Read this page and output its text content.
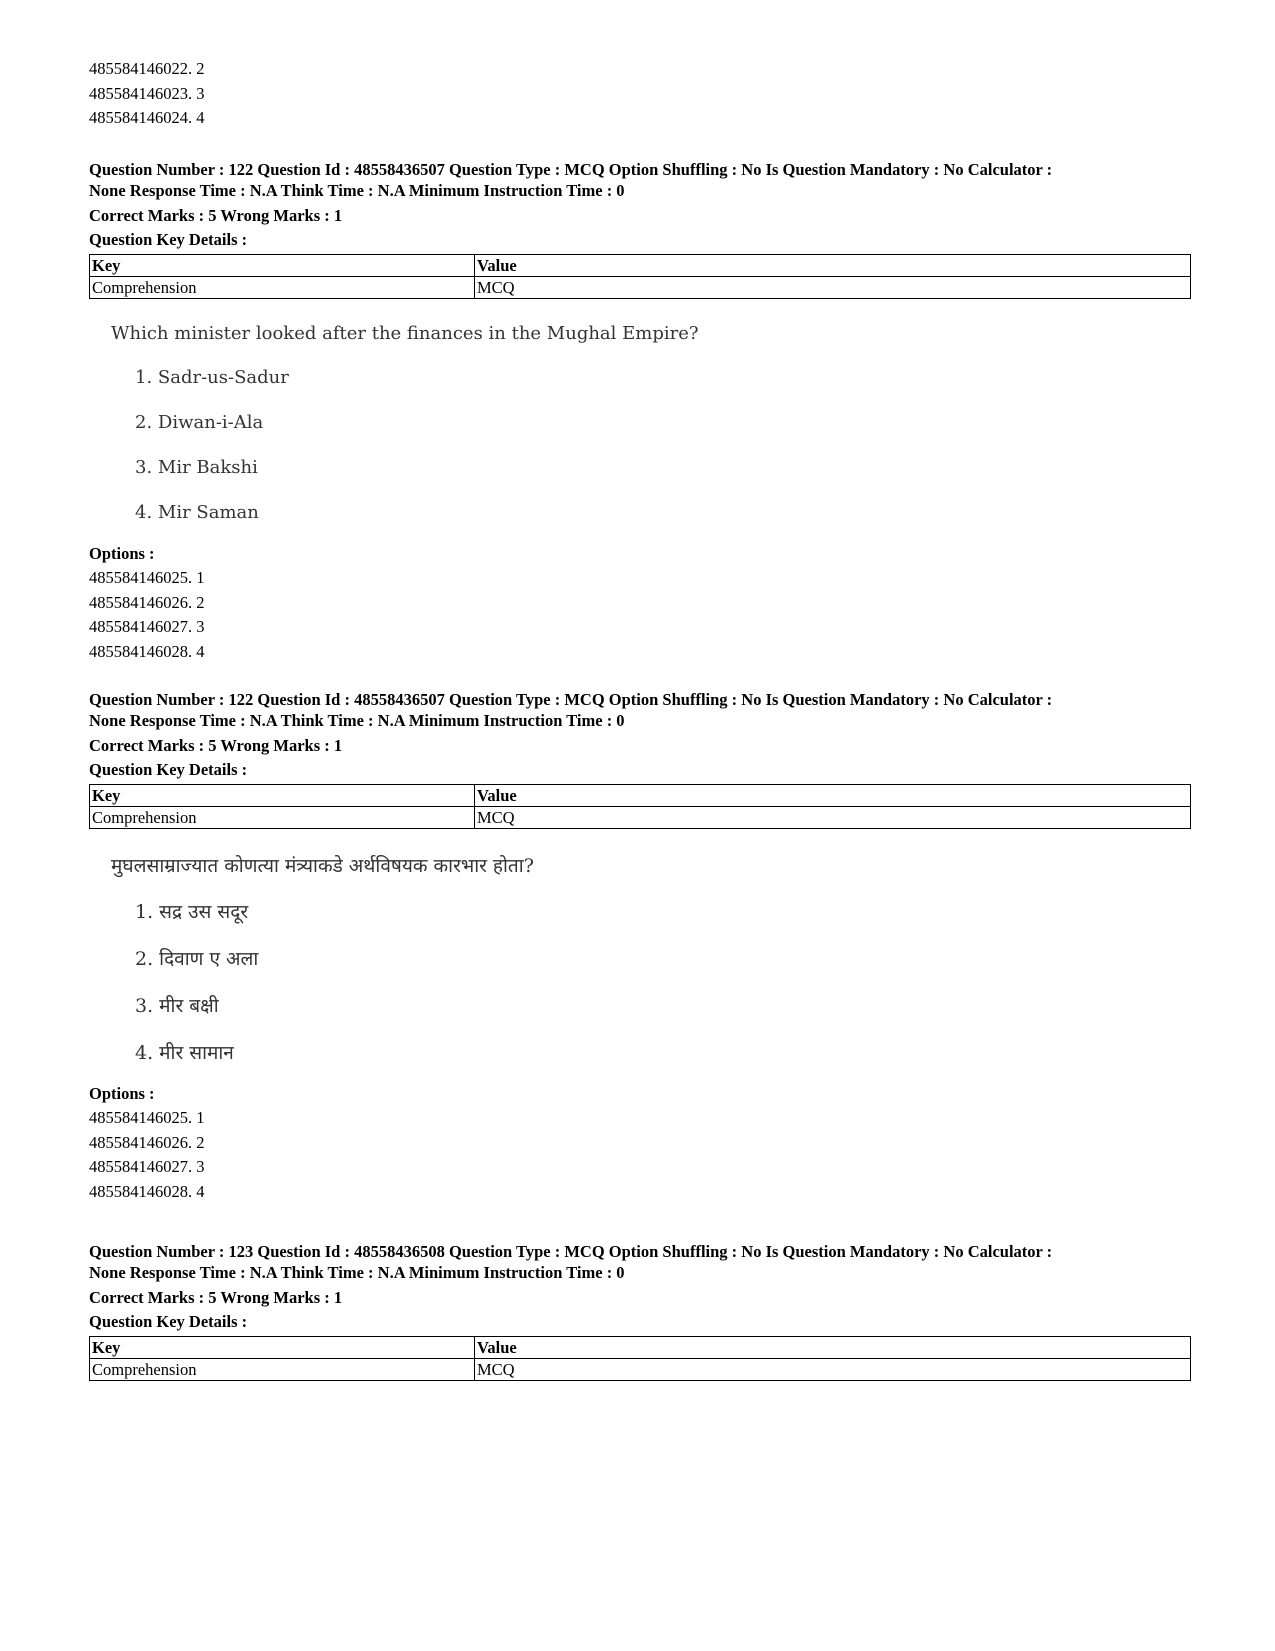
485584146022. 2
485584146023. 3
485584146024. 4
Question Number : 122 Question Id : 48558436507 Question Type : MCQ Option Shuffling : No Is Question Mandatory : No Calculator :
None Response Time : N.A Think Time : N.A Minimum Instruction Time : 0
Correct Marks : 5 Wrong Marks : 1
Question Key Details :
Key	Value
Comprehension	MCQ
Which minister looked after the finances in the Mughal Empire?
1. Sadr-us-Sadur
2. Diwan-i-Ala
3. Mir Bakshi
4. Mir Saman
Options :
485584146025. 1
485584146026. 2
485584146027. 3
485584146028. 4
Question Number : 122 Question Id : 48558436507 Question Type : MCQ Option Shuffling : No Is Question Mandatory : No Calculator :
None Response Time : N.A Think Time : N.A Minimum Instruction Time : 0
Correct Marks : 5 Wrong Marks : 1
Question Key Details :
Key	Value
Comprehension	MCQ
मुघलसाम्राज्यात कोणत्या मंत्र्याकडे अर्थविषयक कारभार होता?
1. सद्र उस सदूर
2. दिवाण ए अला
3. मीर बक्षी
4. मीर सामान
Options :
485584146025. 1
485584146026. 2
485584146027. 3
485584146028. 4
Question Number : 123 Question Id : 48558436508 Question Type : MCQ Option Shuffling : No Is Question Mandatory : No Calculator :
None Response Time : N.A Think Time : N.A Minimum Instruction Time : 0
Correct Marks : 5 Wrong Marks : 1
Question Key Details :
Key	Value
Comprehension	MCQ
